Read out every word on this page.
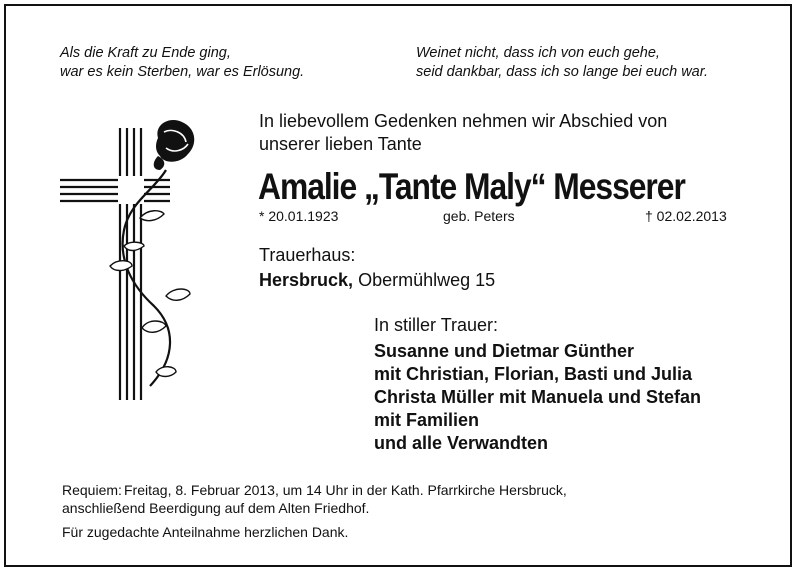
Als die Kraft zu Ende ging,
war es kein Sterben, war es Erlösung.

Weinet nicht, dass ich von euch gehe,
seid dankbar, dass ich so lange bei euch war.

In liebevollem Gedenken nehmen wir Abschied von
unserer lieben Tante

Amalie „Tante Maly“ Messerer
* 20.01.1923	geb. Peters	† 02.02.2013
Trauerhaus:
Hersbruck, Obermühlweg 15
In stiller Trauer:
Susanne und Dietmar Günther
mit Christian, Florian, Basti und Julia
Christa Müller mit Manuela und Stefan
mit Familien
und alle Verwandten

Requiem: Freitag, 8. Februar 2013, um 14 Uhr in der Kath. Pfarrkirche Hersbruck,

anschließend Beerdigung auf dem Alten Friedhof.

Für zugedachte Anteilnahme herzlichen Dank.
